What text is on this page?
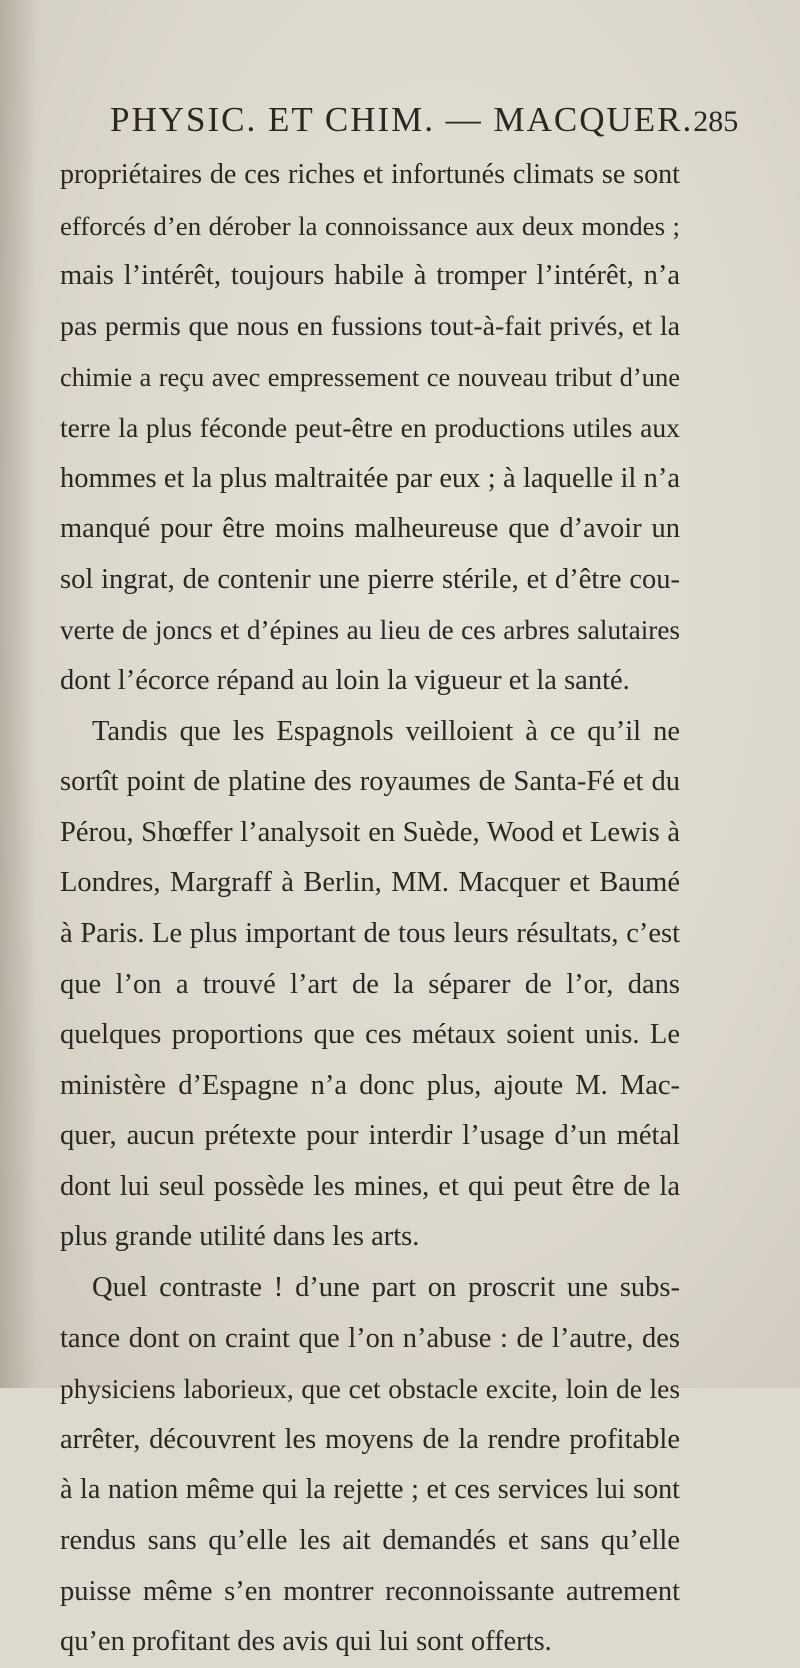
PHYSIC. ET CHIM. — MACQUER. 285
propriétaires de ces riches et infortunés climats se sont
efforcés d’en dérober la connoissance aux deux mondes ;
mais l’intérêt, toujours habile à tromper l’intérêt, n’a
pas permis que nous en fussions tout-à-fait privés, et la
chimie a reçu avec empressement ce nouveau tribut d’une
terre la plus féconde peut-être en productions utiles aux
hommes et la plus maltraitée par eux ; à laquelle il n’a
manqué pour être moins malheureuse que d’avoir un
sol ingrat, de contenir une pierre stérile, et d’être cou-
verte de joncs et d’épines au lieu de ces arbres salutaires
dont l’écorce répand au loin la vigueur et la santé.
Tandis que les Espagnols veilloient à ce qu’il ne
sortît point de platine des royaumes de Santa-Fé et du
Pérou, Shœffer l’analysoit en Suède, Wood et Lewis à
Londres, Margraff à Berlin, MM. Macquer et Baumé
à Paris. Le plus important de tous leurs résultats, c’est
que l’on a trouvé l’art de la séparer de l’or, dans
quelques proportions que ces métaux soient unis. Le
ministère d’Espagne n’a donc plus, ajoute M. Mac-
quer, aucun prétexte pour interdir l’usage d’un métal
dont lui seul possède les mines, et qui peut être de la
plus grande utilité dans les arts.
Quel contraste ! d’une part on proscrit une subs-
tance dont on craint que l’on n’abuse : de l’autre, des
physiciens laborieux, que cet obstacle excite, loin de les
arrêter, découvrent les moyens de la rendre profitable
à la nation même qui la rejette ; et ces services lui sont
rendus sans qu’elle les ait demandés et sans qu’elle
puisse même s’en montrer reconnoissante autrement
qu’en profitant des avis qui lui sont offerts.
